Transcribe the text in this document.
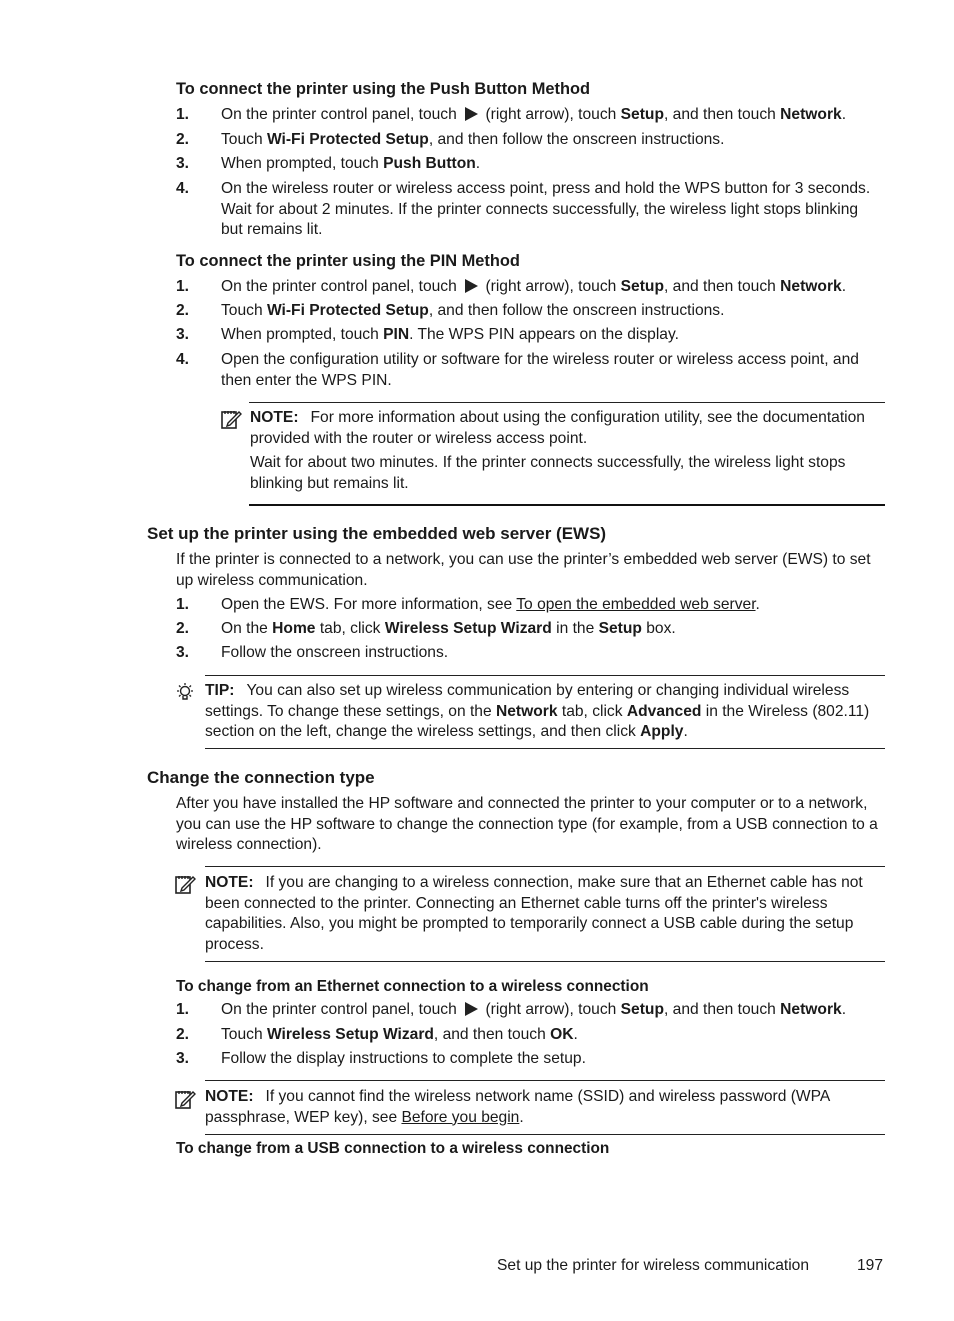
To connect the printer using the Push Button Method
1. On the printer control panel, touch  (right arrow), touch Setup, and then touch Network.
2. Touch Wi-Fi Protected Setup, and then follow the onscreen instructions.
3. When prompted, touch Push Button.
4. On the wireless router or wireless access point, press and hold the WPS button for 3 seconds. Wait for about 2 minutes. If the printer connects successfully, the wireless light stops blinking but remains lit.
To connect the printer using the PIN Method
1. On the printer control panel, touch  (right arrow), touch Setup, and then touch Network.
2. Touch Wi-Fi Protected Setup, and then follow the onscreen instructions.
3. When prompted, touch PIN. The WPS PIN appears on the display.
4. Open the configuration utility or software for the wireless router or wireless access point, and then enter the WPS PIN.
NOTE: For more information about using the configuration utility, see the documentation provided with the router or wireless access point.
Wait for about two minutes. If the printer connects successfully, the wireless light stops blinking but remains lit.
Set up the printer using the embedded web server (EWS)
If the printer is connected to a network, you can use the printer’s embedded web server (EWS) to set up wireless communication.
1. Open the EWS. For more information, see To open the embedded web server.
2. On the Home tab, click Wireless Setup Wizard in the Setup box.
3. Follow the onscreen instructions.
TIP: You can also set up wireless communication by entering or changing individual wireless settings. To change these settings, on the Network tab, click Advanced in the Wireless (802.11) section on the left, change the wireless settings, and then click Apply.
Change the connection type
After you have installed the HP software and connected the printer to your computer or to a network, you can use the HP software to change the connection type (for example, from a USB connection to a wireless connection).
NOTE: If you are changing to a wireless connection, make sure that an Ethernet cable has not been connected to the printer. Connecting an Ethernet cable turns off the printer's wireless capabilities. Also, you might be prompted to temporarily connect a USB cable during the setup process.
To change from an Ethernet connection to a wireless connection
1. On the printer control panel, touch  (right arrow), touch Setup, and then touch Network.
2. Touch Wireless Setup Wizard, and then touch OK.
3. Follow the display instructions to complete the setup.
NOTE: If you cannot find the wireless network name (SSID) and wireless password (WPA passphrase, WEP key), see Before you begin.
To change from a USB connection to a wireless connection
Set up the printer for wireless communication	197
